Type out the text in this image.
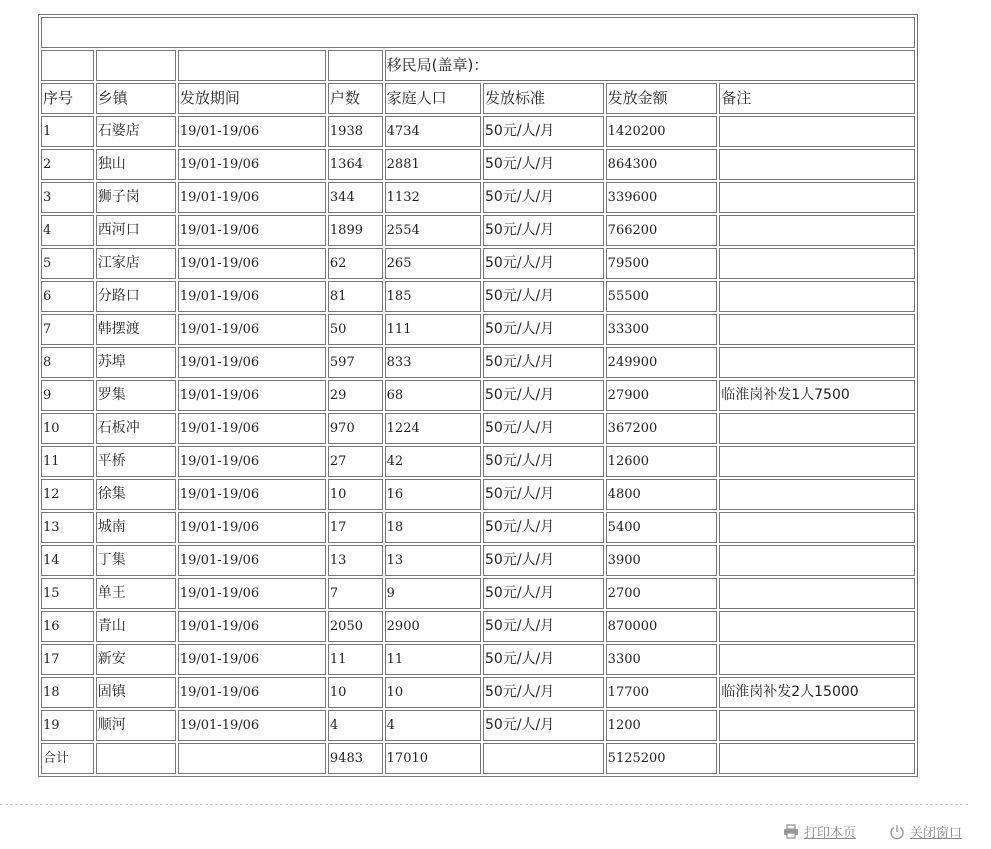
				移民局(盖章)：			
序号	乡镇	发放期间	户数	家庭人口	发放标准	发放金额	备注
1	石婆店	19/01-19/06	1938	4734	50元/人/月	1420200	
2	独山	19/01-19/06	1364	2881	50元/人/月	864300	
3	狮子岗	19/01-19/06	344	1132	50元/人/月	339600	
4	西河口	19/01-19/06	1899	2554	50元/人/月	766200	
5	江家店	19/01-19/06	62	265	50元/人/月	79500	
6	分路口	19/01-19/06	81	185	50元/人/月	55500	
7	韩摆渡	19/01-19/06	50	111	50元/人/月	33300	
8	苏埠	19/01-19/06	597	833	50元/人/月	249900	
9	罗集	19/01-19/06	29	68	50元/人/月	27900	临淮岗补发1人7500
10	石板冲	19/01-19/06	970	1224	50元/人/月	367200	
11	平桥	19/01-19/06	27	42	50元/人/月	12600	
12	徐集	19/01-19/06	10	16	50元/人/月	4800	
13	城南	19/01-19/06	17	18	50元/人/月	5400	
14	丁集	19/01-19/06	13	13	50元/人/月	3900	
15	单王	19/01-19/06	7	9	50元/人/月	2700	
16	青山	19/01-19/06	2050	2900	50元/人/月	870000	
17	新安	19/01-19/06	11	11	50元/人/月	3300	
18	固镇	19/01-19/06	10	10	50元/人/月	17700	临淮岗补发2人15000
19	顺河	19/01-19/06	4	4	50元/人/月	1200	
合计			9483	17010		5125200	
打印本页	关闭窗口
